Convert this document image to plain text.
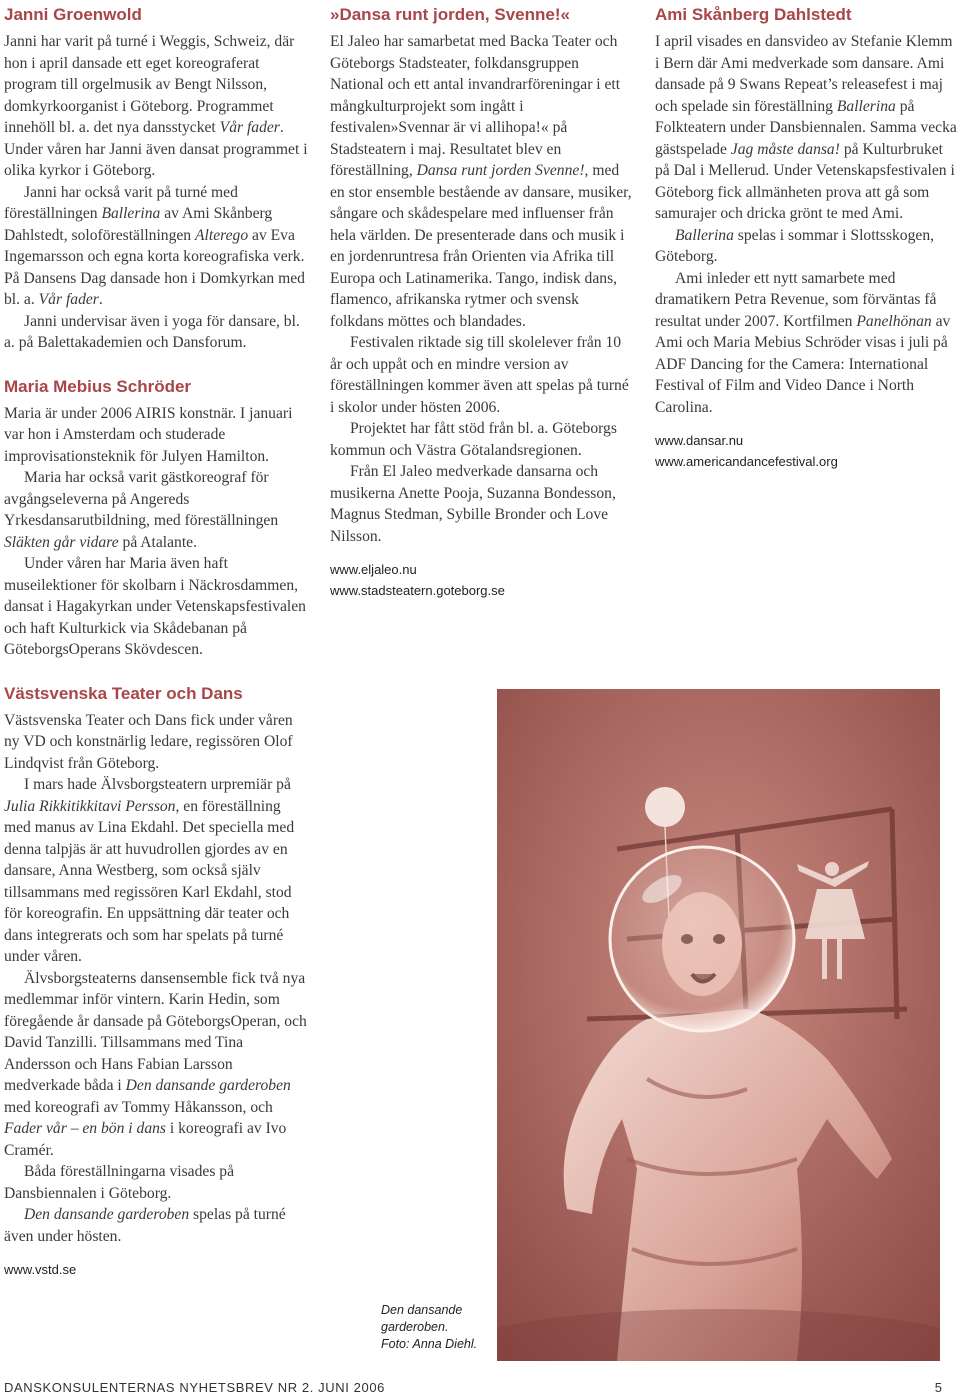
Janni Groenwold

Janni har varit på turné i Weggis, Schweiz, där hon i april dansade ett eget koreograferat program till orgelmusik av Bengt Nilsson, domkyrkoorganist i Göteborg. Programmet innehöll bl. a. det nya dansstycket Vår fader. Under våren har Janni även dansat programmet i olika kyrkor i Göteborg.

Janni har också varit på turné med föreställningen Ballerina av Ami Skånberg Dahlstedt, soloföreställningen Alterego av Eva Ingemarsson och egna korta koreografiska verk. På Dansens Dag dansade hon i Domkyrkan med bl. a. Vår fader.

Janni undervisar även i yoga för dansare, bl. a. på Balettakademien och Dansforum.

Maria Mebius Schröder

Maria är under 2006 AIRIS konstnär. I januari var hon i Amsterdam och studerade improvisationsteknik för Julyen Hamilton.

Maria har också varit gästkoreograf för avgångseleverna på Angereds Yrkesdansarutbildning, med föreställningen Släkten går vidare på Atalante.

Under våren har Maria även haft museilektioner för skolbarn i Näckrosdammen, dansat i Hagakyrkan under Vetenskapsfestivalen och haft Kulturkick via Skådebanan på GöteborgsOperans Skövdescen.

Västsvenska Teater och Dans

Västsvenska Teater och Dans fick under våren ny VD och konstnärlig ledare, regissören Olof Lindqvist från Göteborg.

I mars hade Älvsborgsteatern urpremiär på Julia Rikkitikkitavi Persson, en föreställning med manus av Lina Ekdahl. Det speciella med denna talpjäs är att huvudrollen gjordes av en dansare, Anna Westberg, som också själv tillsammans med regissören Karl Ekdahl, stod för koreografin. En uppsättning där teater och dans integrerats och som har spelats på turné under våren.

Älvsborgsteaterns dansensemble fick två nya medlemmar inför vintern. Karin Hedin, som föregående år dansade på GöteborgsOperan, och David Tanzilli. Tillsammans med Tina Andersson och Hans Fabian Larsson medverkade båda i Den dansande garderoben med koreografi av Tommy Håkansson, och Fader vår – en bön i dans i koreografi av Ivo Cramér.

Båda föreställningarna visades på Dansbiennalen i Göteborg.

Den dansande garderoben spelas på turné även under hösten.

www.vstd.se
»Dansa runt jorden, Svenne!«

El Jaleo har samarbetat med Backa Teater och Göteborgs Stadsteater, folkdansgruppen National och ett antal invandrarföreningar i ett mångkulturprojekt som ingått i festivalen»Svennar är vi allihopa!« på Stadsteatern i maj. Resultatet blev en föreställning, Dansa runt jorden Svenne!, med en stor ensemble bestående av dansare, musiker, sångare och skådespelare med influenser från hela världen. De presenterade dans och musik i en jordenruntresa från Orienten via Afrika till Europa och Latinamerika. Tango, indisk dans, flamenco, afrikanska rytmer och svensk folkdans möttes och blandades.

Festivalen riktade sig till skolelever från 10 år och uppåt och en mindre version av föreställningen kommer även att spelas på turné i skolor under hösten 2006.

Projektet har fått stöd från bl. a. Göteborgs kommun och Västra Götalandsregionen.

Från El Jaleo medverkade dansarna och musikerna Anette Pooja, Suzanna Bondesson, Magnus Stedman, Sybille Bronder och Love Nilsson.

www.eljaleo.nu
www.stadsteatern.goteborg.se
Ami Skånberg Dahlstedt

I april visades en dansvideo av Stefanie Klemm i Bern där Ami medverkade som dansare. Ami dansade på 9 Swans Repeat’s releasefest i maj och spelade sin föreställning Ballerina på Folkteatern under Dansbiennalen. Samma vecka gästspelade Jag måste dansa! på Kulturbruket på Dal i Mellerud. Under Vetenskapsfestivalen i Göteborg fick allmänheten prova att gå som samurajer och dricka grönt te med Ami.

Ballerina spelas i sommar i Slottsskogen, Göteborg.

Ami inleder ett nytt samarbete med dramatikern Petra Revenue, som förväntas få resultat under 2007. Kortfilmen Panelhönan av Ami och Maria Mebius Schröder visas i juli på ADF Dancing for the Camera: International Festival of Film and Video Dance i North Carolina.

www.dansar.nu
www.americandancefestival.org
Den dansande
garderoben.
Foto: Anna Diehl.
DANSKONSULENTERNAS NYHETSBREV NR 2. JUNI 2006	5
